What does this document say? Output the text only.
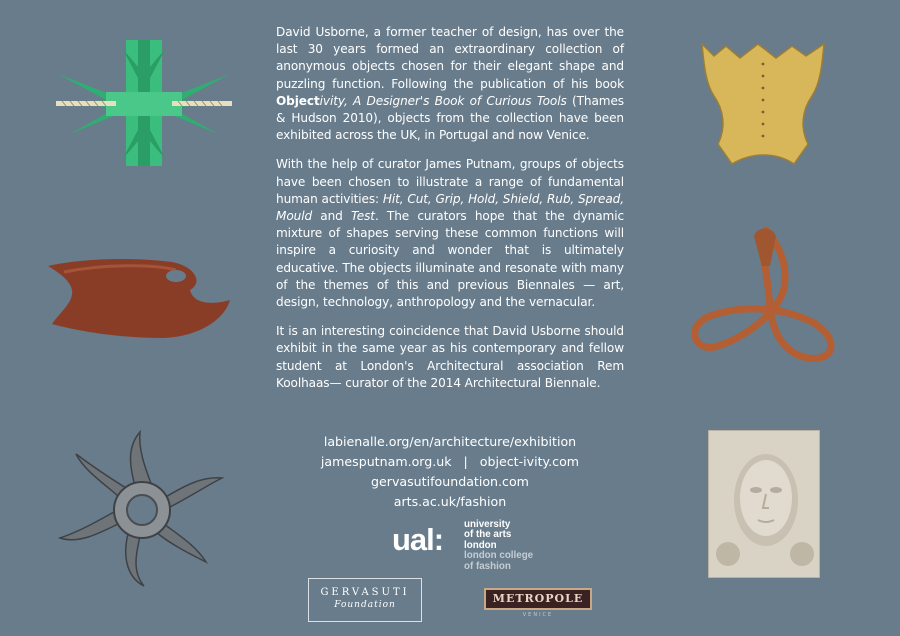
David Usborne, a former teacher of design, has over the last 30 years formed an extraordinary collection of anonymous objects chosen for their elegant shape and puzzling function. Following the publication of his book Objectivity, A Designer's Book of Curious Tools (Thames & Hudson 2010), objects from the collection have been exhibited across the UK, in Portugal and now Venice.

With the help of curator James Putnam, groups of objects have been chosen to illustrate a range of fundamental human activities: Hit, Cut, Grip, Hold, Shield, Rub, Spread, Mould and Test. The curators hope that the dynamic mixture of shapes serving these common functions will inspire a curiosity and wonder that is ultimately educative. The objects illuminate and resonate with many of the themes of this and previous Biennales — art, design, technology, anthropology and the vernacular.

It is an interesting coincidence that David Usborne should exhibit in the same year as his contemporary and fellow student at London's Architectural association Rem Koolhaas— curator of the 2014 Architectural Biennale.

labienalle.org/en/architecture/exhibition
jamesputnam.org.uk | object-ivity.com
gervasutifoundation.com
arts.ac.uk/fashion
ual: university
of the arts
london
london college
of fashion
GERVASUTI
Foundation	METROPOLE
VENICE
